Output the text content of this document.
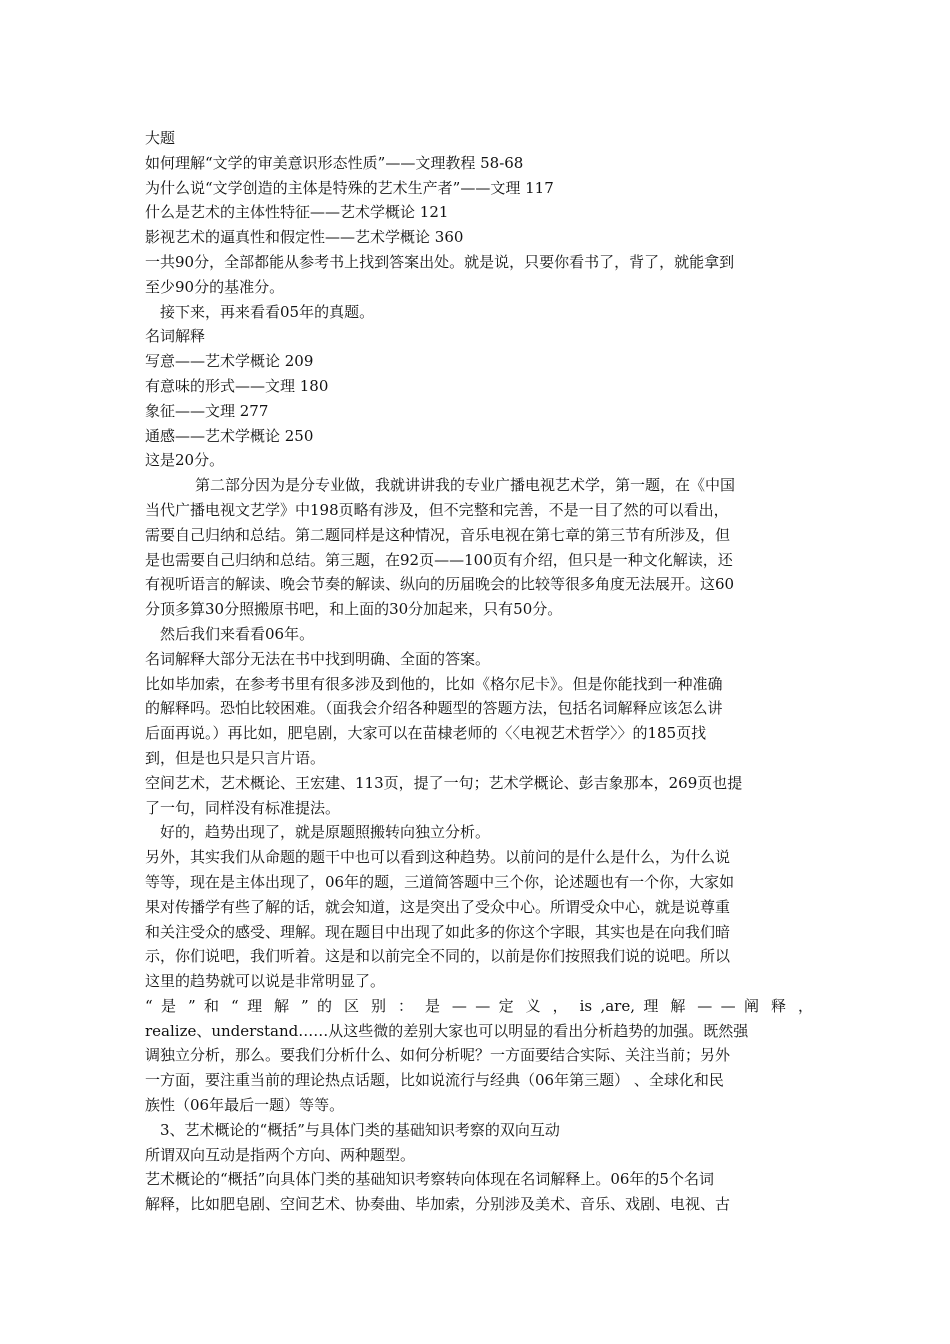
大题
如何理解“文学的审美意识形态性质”——文理教程 58-68
为什么说“文学创造的主体是特殊的艺术生产者”——文理 117
什么是艺术的主体性特征——艺术学概论 121
影视艺术的逼真性和假定性——艺术学概论 360
一共90分，全部都能从参考书上找到答案出处。就是说，只要你看书了，背了，就能拿到
至少90分的基准分。
接下来，再来看看05年的真题。
名词解释
写意——艺术学概论 209
有意味的形式——文理 180
象征——文理 277
通感——艺术学概论 250
这是20分。
第二部分因为是分专业做，我就讲讲我的专业广播电视艺术学，第一题，在《中国
当代广播电视文艺学》中198页略有涉及，但不完整和完善，不是一目了然的可以看出，
需要自己归纳和总结。第二题同样是这种情况，音乐电视在第七章的第三节有所涉及，但
是也需要自己归纳和总结。第三题，在92页——100页有介绍，但只是一种文化解读，还
有视听语言的解读、晚会节奏的解读、纵向的历届晚会的比较等很多角度无法展开。这60
分顶多算30分照搬原书吧，和上面的30分加起来，只有50分。
然后我们来看看06年。
名词解释大部分无法在书中找到明确、全面的答案。
比如毕加索，在参考书里有很多涉及到他的，比如《格尔尼卡》。但是你能找到一种准确
的解释吗。恐怕比较困难。（面我会介绍各种题型的答题方法，包括名词解释应该怎么讲
后面再说。）再比如，肥皂剧，大家可以在苗棣老师的〈〈电视艺术哲学〉〉的185页找
到，但是也只是只言片语。
空间艺术，艺术概论、王宏建、113页，提了一句；艺术学概论、彭吉象那本，269页也提
了一句，同样没有标准提法。
好的，趋势出现了，就是原题照搬转向独立分析。
另外，其实我们从命题的题干中也可以看到这种趋势。以前问的是什么是什么，为什么说
等等，现在是主体出现了，06年的题，三道简答题中三个你，论述题也有一个你，大家如
果对传播学有些了解的话，就会知道，这是突出了受众中心。所谓受众中心，就是说尊重
和关注受众的感受、理解。现在题目中出现了如此多的你这个字眼，其实也是在向我们暗
示，你们说吧，我们听着。这是和以前完全不同的，以前是你们按照我们说的说吧。所以
这里的趋势就可以说是非常明显了。
“ 是 ” 和 “ 理 解 ” 的 区 别 ： 是 — — 定 义 ， is ,are, 理 解 — — 阐 释 ，
realize、understand……从这些微的差别大家也可以明显的看出分析趋势的加强。既然强
调独立分析，那么。要我们分析什么、如何分析呢？一方面要结合实际、关注当前；另外
一方面，要注重当前的理论热点话题，比如说流行与经典（06年第三题） 、全球化和民
族性（06年最后一题）等等。
3、艺术概论的“概括”与具体门类的基础知识考察的双向互动
所谓双向互动是指两个方向、两种题型。
艺术概论的“概括”向具体门类的基础知识考察转向体现在名词解释上。06年的5个名词
解释，比如肥皂剧、空间艺术、协奏曲、毕加索，分别涉及美术、音乐、戏剧、电视、古
